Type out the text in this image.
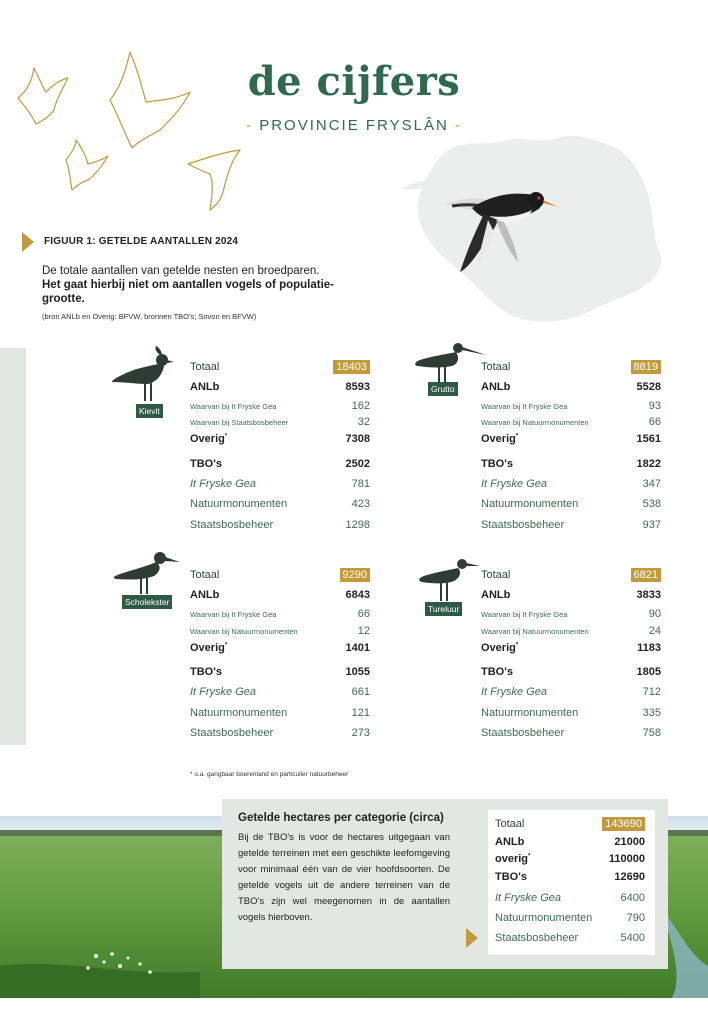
de cijfers
- PROVINCIE FRYSLÂN -
FIGUUR 1: GETELDE AANTALLEN 2024
De totale aantallen van getelde nesten en broedparen.
Het gaat hierbij niet om aantallen vogels of populatie-grootte.
(bron ANLb en Overig: BFVW, bronnen TBO's; Sovon en BFVW)
Kievit
Totaal	18403
ANLb	8593
Waarvan bij It Fryske Gea	162
Waarvan bij Staatsbosbeheer	32
Overig*	7308
TBO's	2502
It Fryske Gea	781
Natuurmonumenten	423
Staatsbosbeheer	1298
Grutto
Totaal	8819
ANLb	5528
Waarvan bij It Fryske Gea	93
Waarvan bij Natuurmonumenten	66
Overig*	1561
TBO's	1822
It Fryske Gea	347
Natuurmonumenten	538
Staatsbosbeheer	937
Scholekster
Totaal	9290
ANLb	6843
Waarvan bij It Fryske Gea	66
Waarvan bij Natuurmonumenten	12
Overig*	1401
TBO's	1055
It Fryske Gea	661
Natuurmonumenten	121
Staatsbosbeheer	273
Tureluur
Totaal	6821
ANLb	3833
Waarvan bij It Fryske Gea	90
Waarvan bij Natuurmonumenten	24
Overig*	1183
TBO's	1805
It Fryske Gea	712
Natuurmonumenten	335
Staatsbosbeheer	758
* o.a. gangbaar boerenland en particulier natuurbeheer
Getelde hectares per categorie (circa)
Bij de TBO's is voor de hectares uitgegaan van getelde terreinen met een geschikte leefomgeving voor minimaal één van de vier hoofdsoorten. De getelde vogels uit de andere terreinen van de TBO's zijn wel meegenomen in de aantallen vogels hierboven.
Totaal	143690
ANLb	21000
overig*	110000
TBO's	12690
It Fryske Gea	6400
Natuurmonumenten	790
Staatsbosbeheer	5400
